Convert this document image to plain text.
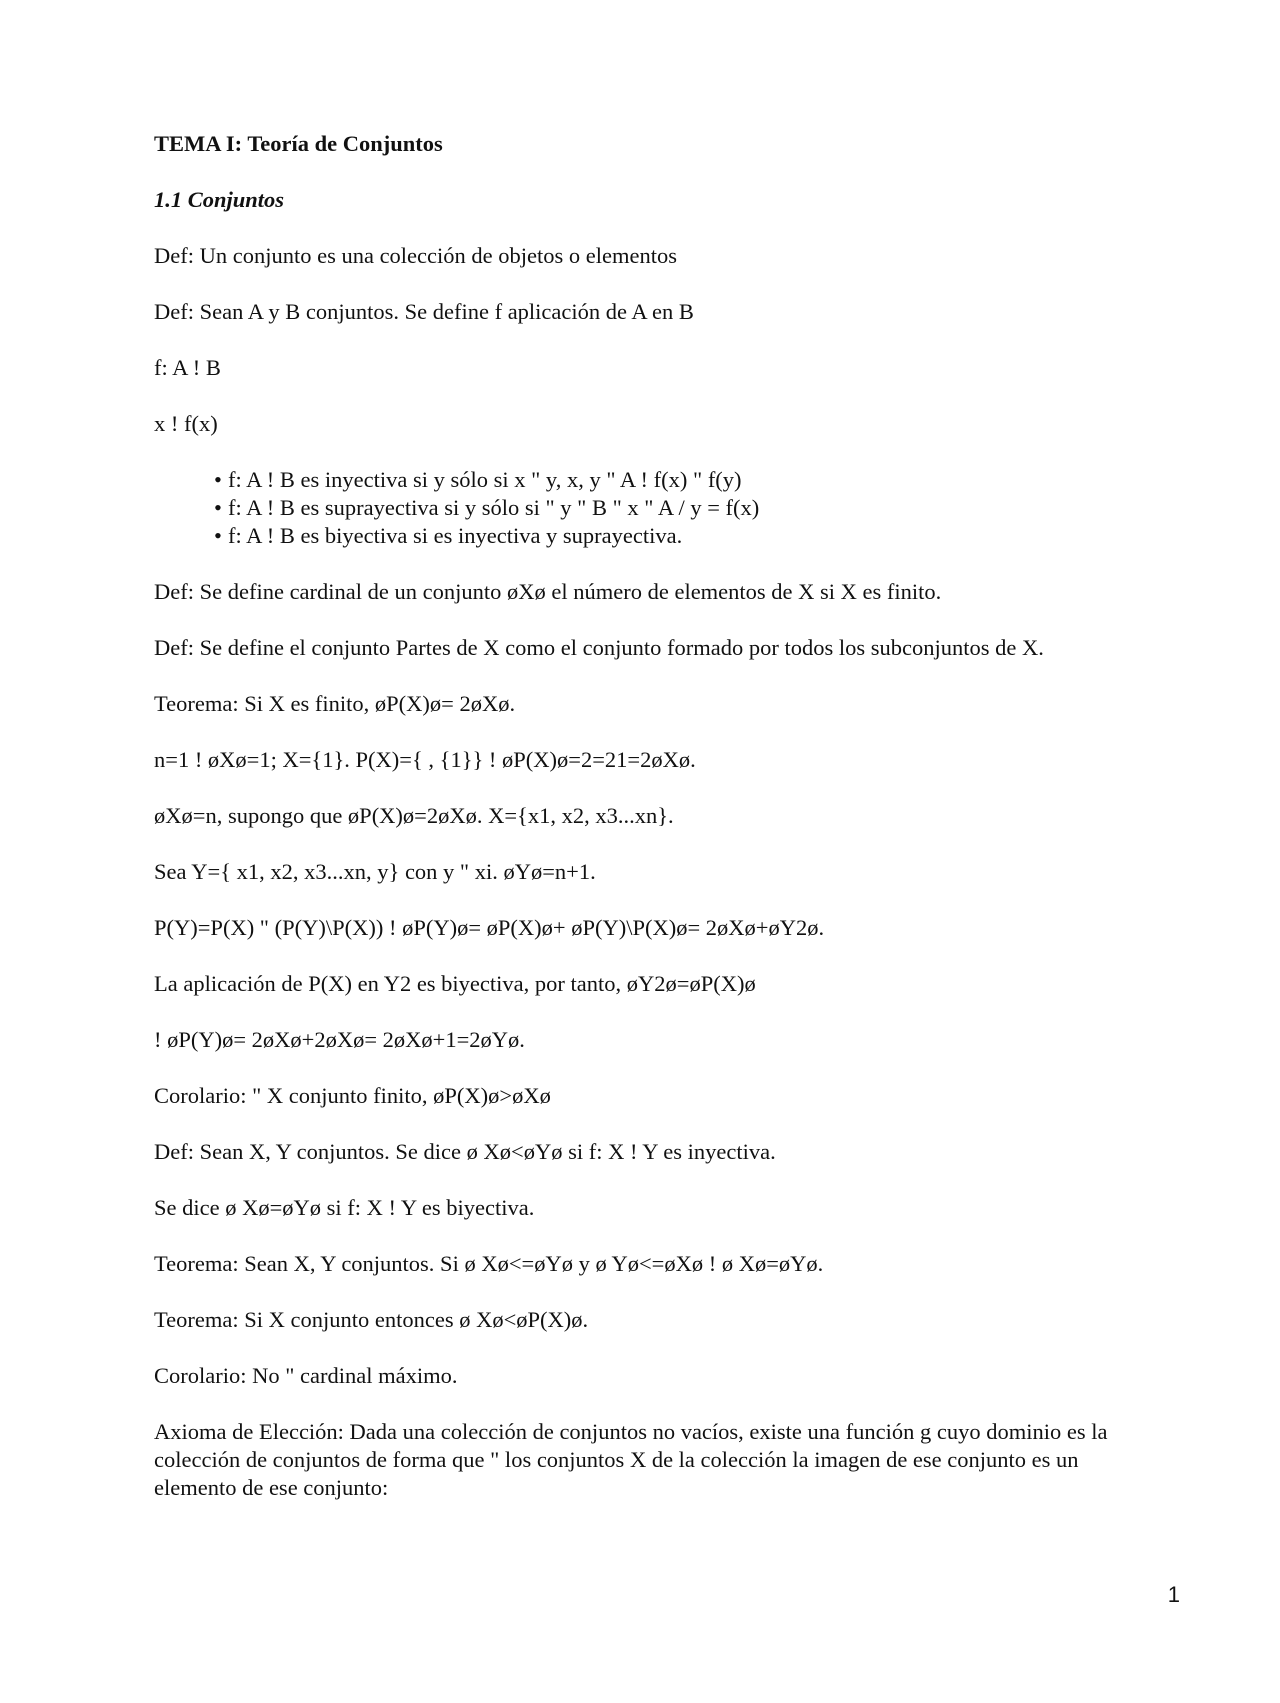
TEMA I: Teoría de Conjuntos
1.1 Conjuntos
Def: Un conjunto es una colección de objetos o elementos
Def: Sean A y B conjuntos. Se define f aplicación de A en B
f: A ! B
x ! f(x)
• f: A ! B es inyectiva si y sólo si x " y, x, y " A ! f(x) " f(y)
• f: A ! B es suprayectiva si y sólo si " y " B " x " A / y = f(x)
• f: A ! B es biyectiva si es inyectiva y suprayectiva.
Def: Se define cardinal de un conjunto øXø el número de elementos de X si X es finito.
Def: Se define el conjunto Partes de X como el conjunto formado por todos los subconjuntos de X.
Teorema: Si X es finito, øP(X)ø= 2øXø.
n=1 ! øXø=1; X={1}. P(X)={ , {1}} ! øP(X)ø=2=21=2øXø.
øXø=n, supongo que øP(X)ø=2øXø. X={x1, x2, x3...xn}.
Sea Y={ x1, x2, x3...xn, y} con y " xi. øYø=n+1.
P(Y)=P(X) " (P(Y)\P(X)) ! øP(Y)ø= øP(X)ø+ øP(Y)\P(X)ø= 2øXø+øY2ø.
La aplicación de P(X) en Y2 es biyectiva, por tanto, øY2ø=øP(X)ø
! øP(Y)ø= 2øXø+2øXø= 2øXø+1=2øYø.
Corolario: " X conjunto finito, øP(X)ø>øXø
Def: Sean X, Y conjuntos. Se dice ø Xø<øYø si f: X ! Y es inyectiva.
Se dice ø Xø=øYø si f: X ! Y es biyectiva.
Teorema: Sean X, Y conjuntos. Si ø Xø<=øYø y ø Yø<=øXø ! ø Xø=øYø.
Teorema: Si X conjunto entonces ø Xø<øP(X)ø.
Corolario: No " cardinal máximo.
Axioma de Elección: Dada una colección de conjuntos no vacíos, existe una función g cuyo dominio es la colección de conjuntos de forma que " los conjuntos X de la colección la imagen de ese conjunto es un elemento de ese conjunto:
1
